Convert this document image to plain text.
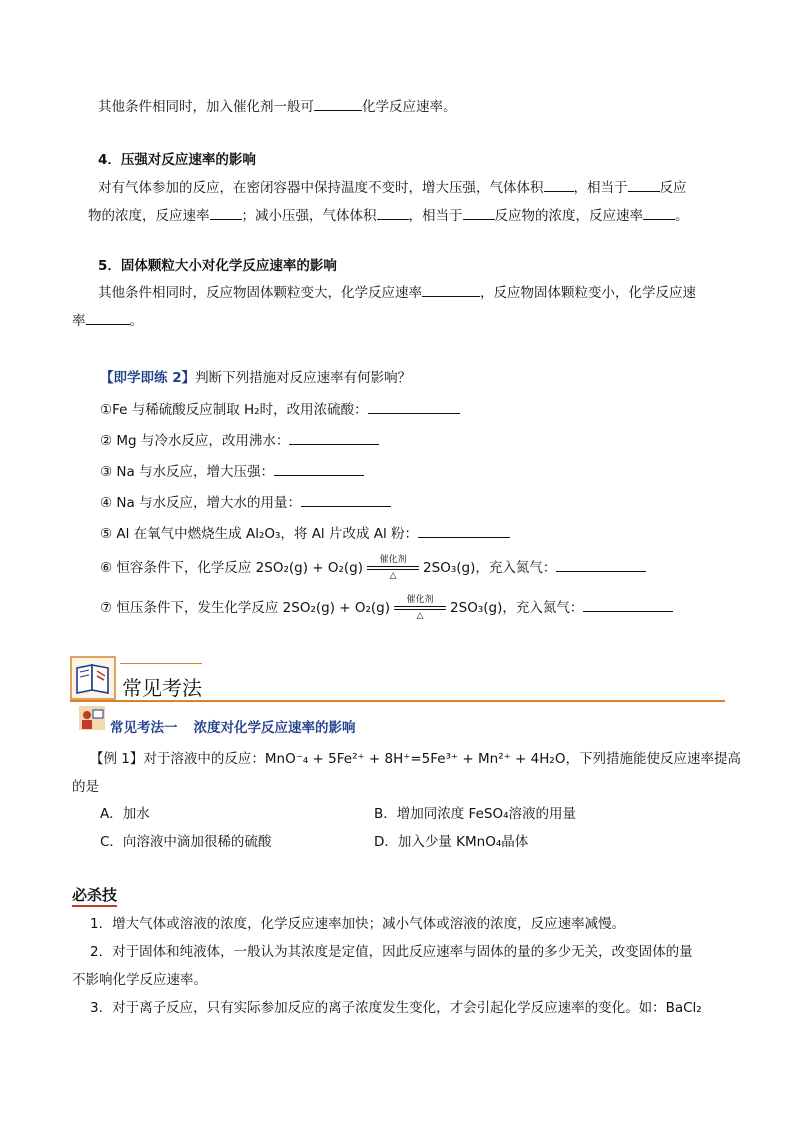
其他条件相同时，加入催化剂一般可	化学反应速率。
4．压强对反应速率的影响
对有气体参加的反应，在密闭容器中保持温度不变时，增大压强，气体体积 ，相当于 反应
物的浓度，反应速率 ；减小压强，气体体积 ，相当于 反应物的浓度，反应速率 。
5．固体颗粒大小对化学反应速率的影响
其他条件相同时，反应物固体颗粒变大，化学反应速率	，反应物固体颗粒变小，化学反应速
率	。
【即学即练 2】判断下列措施对反应速率有何影响？
①Fe 与稀硫酸反应制取 H₂时，改用浓硫酸：
② Mg 与冷水反应，改用沸水：
③ Na 与水反应，增大压强：
④ Na 与水反应，增大水的用量：
⑤ Al 在氧气中燃烧生成 Al₂O₃，将 Al 片改成 Al 粉：
⑥ 恒容条件下，化学反应 2SO₂(g) + O₂(g) 催化剂
△ 2SO₃(g)，充入氮气：
⑦ 恒压条件下，发生化学反应 2SO₂(g) + O₂(g) 催化剂
△ 2SO₃(g)，充入氮气：
常见考法
常见考法一 浓度对化学反应速率的影响
【例 1】对于溶液中的反应：MnO⁻₄ + 5Fe²⁺ + 8H⁺=5Fe³⁺ + Mn²⁺ + 4H₂O，下列措施能使反应速率提高
的是
A．加水	B．增加同浓度 FeSO₄溶液的用量
C．向溶液中滴加很稀的硫酸	D．加入少量 KMnO₄晶体
必杀技
1．增大气体或溶液的浓度，化学反应速率加快；减小气体或溶液的浓度，反应速率减慢。
2．对于固体和纯液体，一般认为其浓度是定值，因此反应速率与固体的量的多少无关，改变固体的量
不影响化学反应速率。
3．对于离子反应，只有实际参加反应的离子浓度发生变化，才会引起化学反应速率的变化。如：BaCl₂
